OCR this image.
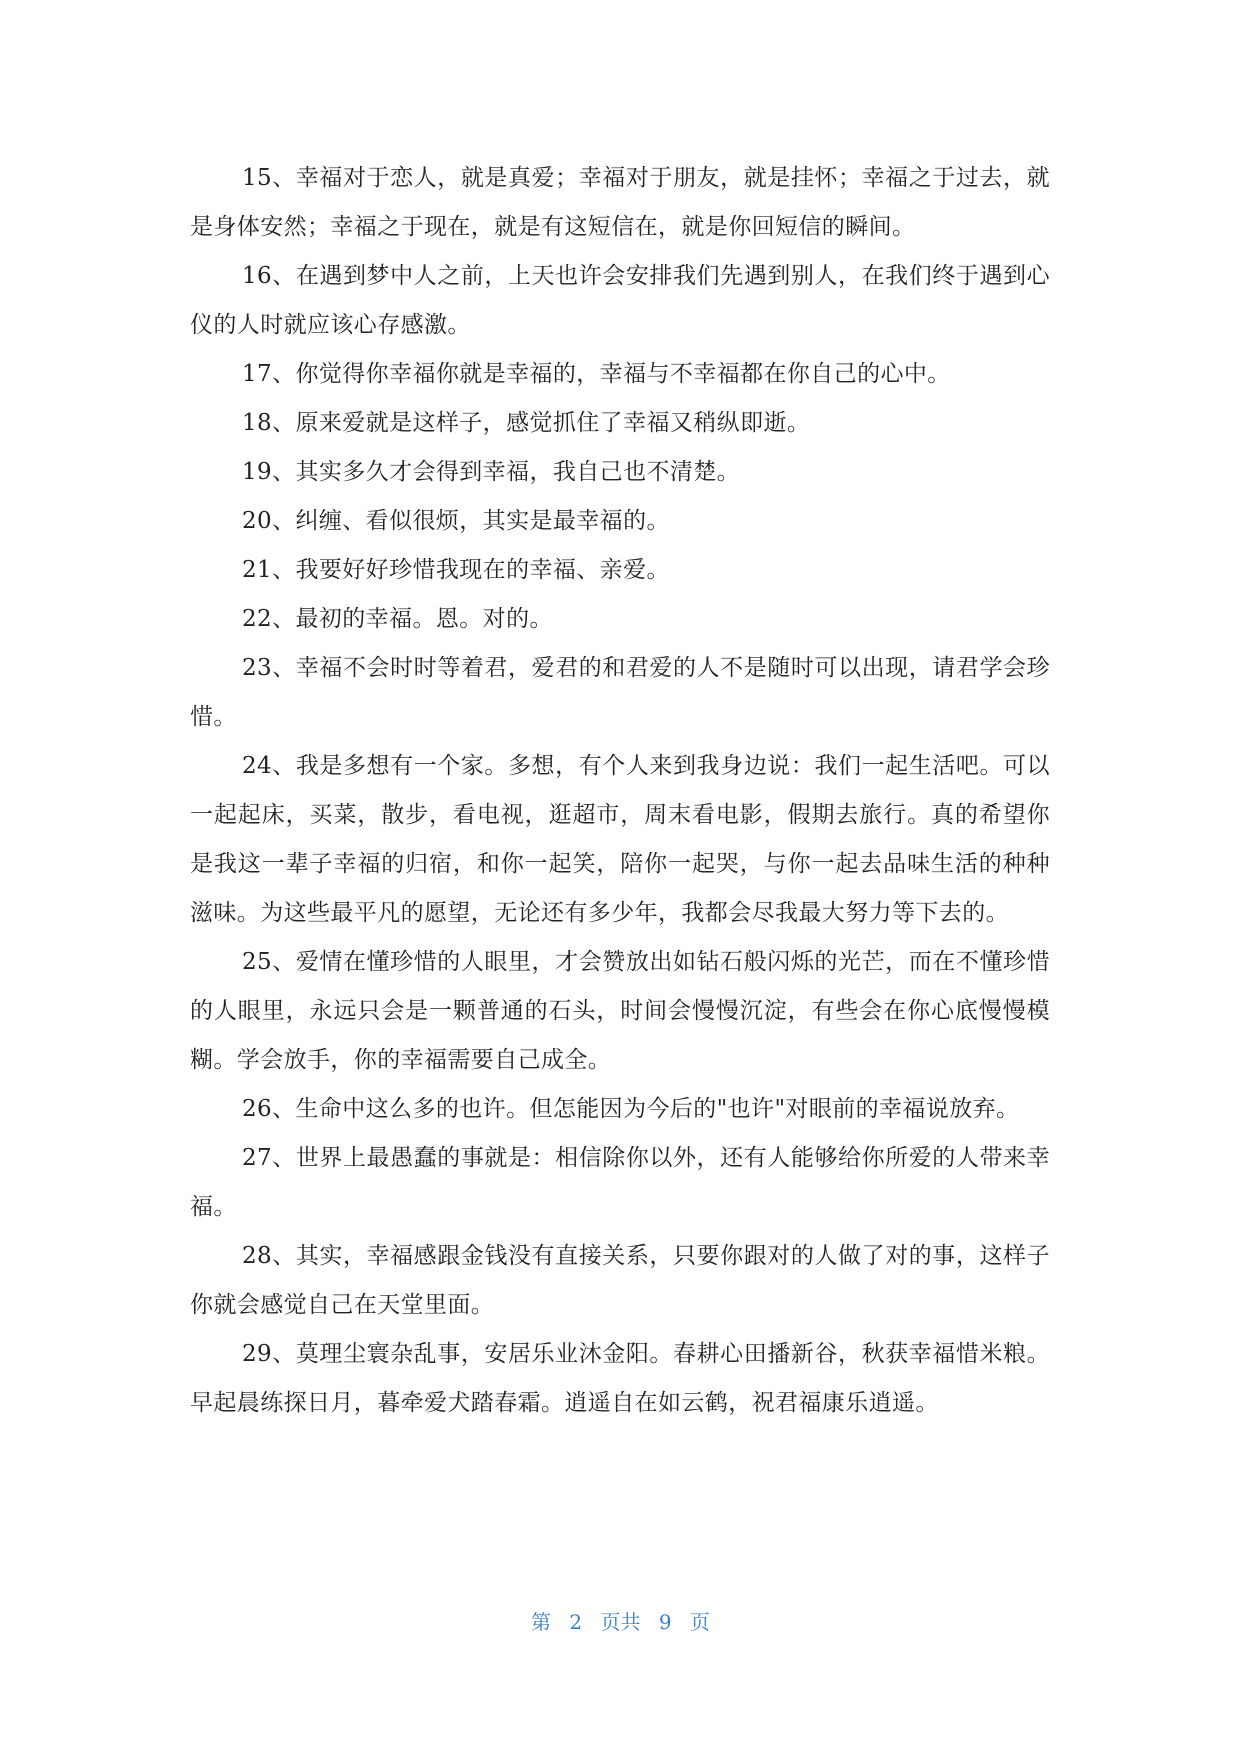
15、幸福对于恋人，就是真爱；幸福对于朋友，就是挂怀；幸福之于过去，就是身体安然；幸福之于现在，就是有这短信在，就是你回短信的瞬间。

16、在遇到梦中人之前，上天也许会安排我们先遇到别人，在我们终于遇到心仪的人时就应该心存感激。

17、你觉得你幸福你就是幸福的，幸福与不幸福都在你自己的心中。

18、原来爱就是这样子，感觉抓住了幸福又稍纵即逝。

19、其实多久才会得到幸福，我自己也不清楚。

20、纠缠、看似很烦，其实是最幸福的。

21、我要好好珍惜我现在的幸福、亲爱。

22、最初的幸福。恩。对的。

23、幸福不会时时等着君，爱君的和君爱的人不是随时可以出现，请君学会珍惜。

24、我是多想有一个家。多想，有个人来到我身边说：我们一起生活吧。可以一起起床，买菜，散步，看电视，逛超市，周末看电影，假期去旅行。真的希望你是我这一辈子幸福的归宿，和你一起笑，陪你一起哭，与你一起去品味生活的种种滋味。为这些最平凡的愿望，无论还有多少年，我都会尽我最大努力等下去的。

25、爱情在懂珍惜的人眼里，才会赞放出如钻石般闪烁的光芒，而在不懂珍惜的人眼里，永远只会是一颗普通的石头，时间会慢慢沉淀，有些会在你心底慢慢模糊。学会放手，你的幸福需要自己成全。

26、生命中这么多的也许。但怎能因为今后的"也许"对眼前的幸福说放弃。

27、世界上最愚蠢的事就是：相信除你以外，还有人能够给你所爱的人带来幸福。

28、其实，幸福感跟金钱没有直接关系，只要你跟对的人做了对的事，这样子你就会感觉自己在天堂里面。

29、莫理尘寰杂乱事，安居乐业沐金阳。春耕心田播新谷，秋获幸福惜米粮。早起晨练探日月，暮牵爱犬踏春霜。逍遥自在如云鹤，祝君福康乐逍遥。

第 2 页共 9 页
